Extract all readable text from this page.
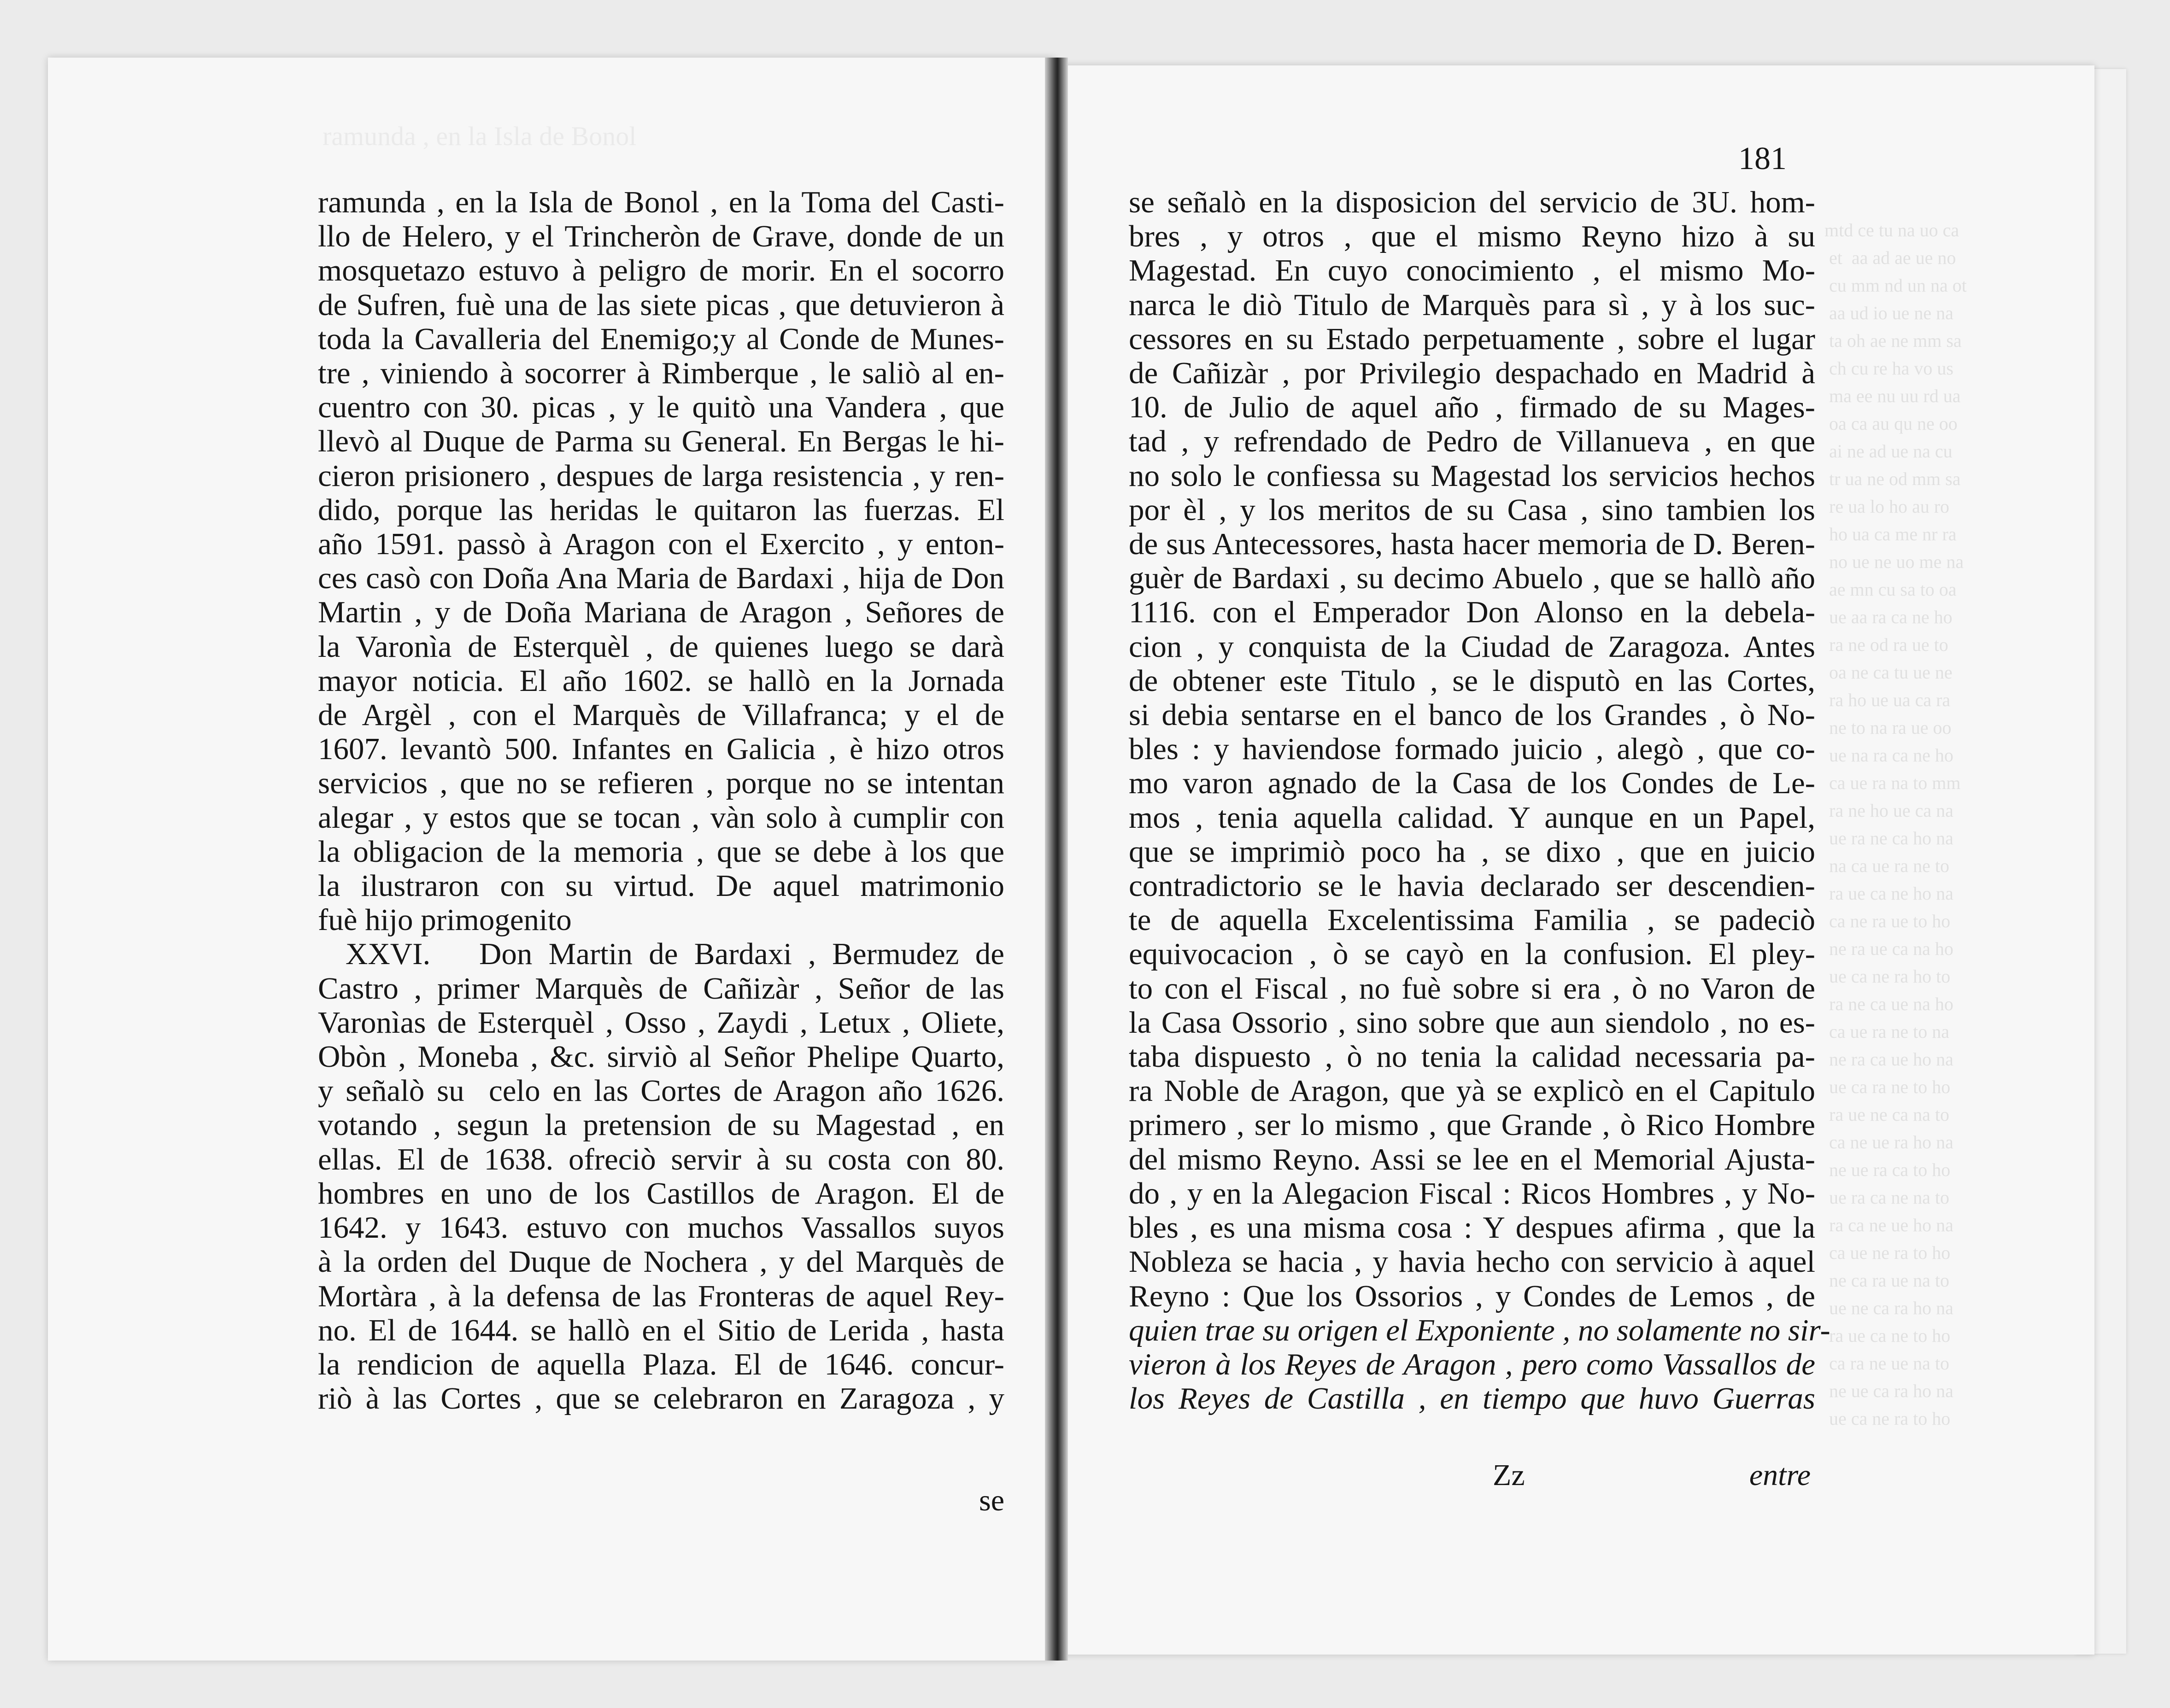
ramunda , en la Isla de Bonol
mtd ce tu na uo ca
et  aa ad ae ue no
cu mm nd un na ot
aa ud io ue ne na
ta oh ae ne mm sa
ch cu re ha vo us
ma ee nu uu rd ua
oa ca au qu ne oo
ai ne ad ue na cu
tr ua ne od mm sa
re ua lo ho au ro
ho ua ca me nr ra
no ue ne uo me na
ae mn cu sa to oa
ue aa ra ca ne ho
ra ne od ra ue to
oa ne ca tu ue ne
ra ho ue ua ca ra
ne to na ra ue oo
ue na ra ca ne ho
ca ue ra na to mm
ra ne ho ue ca na
ue ra ne ca ho na
na ca ue ra ne to
ra ue ca ne ho na
ca ne ra ue to ho
ne ra ue ca na ho
ue ca ne ra ho to
ra ne ca ue na ho
ca ue ra ne to na
ne ra ca ue ho na
ue ca ra ne to ho
ra ue ne ca na to
ca ne ue ra ho na
ne ue ra ca to ho
ue ra ca ne na to
ra ca ne ue ho na
ca ue ne ra to ho
ne ca ra ue na to
ue ne ca ra ho na
ra ue ca ne to ho
ca ra ne ue na to
ne ue ca ra ho na
ue ca ne ra to ho
ramunda , en la Isla de Bonol , en la Toma del Casti-
llo de Helero, y el Trincheròn de Grave, donde de un
mosquetazo estuvo à peligro de morir. En el socorro
de Sufren, fuè una de las siete picas , que detuvieron à
toda la Cavalleria del Enemigo;y al Conde de Munes-
tre , viniendo à socorrer à Rimberque , le saliò al en-
cuentro con 30. picas , y le quitò una Vandera , que
llevò al Duque de Parma su General. En Bergas le hi-
cieron prisionero , despues de larga resistencia , y ren-
dido, porque las heridas le quitaron las fuerzas. El
año 1591. passò à Aragon con el Exercito , y enton-
ces casò con Doña Ana Maria de Bardaxi , hija de Don
Martin , y de Doña Mariana de Aragon , Señores de
la Varonìa de Esterquèl , de quienes luego se darà
mayor noticia. El año 1602. se hallò en la Jornada
de Argèl , con el Marquès de Villafranca; y el de
1607. levantò 500. Infantes en Galicia , è hizo otros
servicios , que no se refieren , porque no se intentan
alegar , y estos que se tocan , vàn solo à cumplir con
la obligacion de la memoria , que se debe à los que
la ilustraron con su virtud. De aquel matrimonio
fuè hijo primogenito
XXVI.   Don Martin de Bardaxi , Bermudez de
Castro , primer Marquès de Cañizàr , Señor de las
Varonìas de Esterquèl , Osso , Zaydi , Letux , Oliete,
Obòn , Moneba , &c. sirviò al Señor Phelipe Quarto,
y señalò su  celo en las Cortes de Aragon año 1626.
votando , segun la pretension de su Magestad , en
ellas. El de 1638. ofreciò servir à su costa con 80.
hombres en uno de los Castillos de Aragon. El de
1642. y 1643. estuvo con muchos Vassallos suyos
à la orden del Duque de Nochera , y del Marquès de
Mortàra , à la defensa de las Fronteras de aquel Rey-
no. El de 1644. se hallò en el Sitio de Lerida , hasta
la rendicion de aquella Plaza. El de 1646. concur-
riò à las Cortes , que se celebraron en Zaragoza , y
se
181
se señalò en la disposicion del servicio de 3U. hom-
bres , y otros , que el mismo Reyno hizo à su
Magestad. En cuyo conocimiento , el mismo Mo-
narca le diò Titulo de Marquès para sì , y à los suc-
cessores en su Estado perpetuamente , sobre el lugar
de Cañizàr , por Privilegio despachado en Madrid à
10. de Julio de aquel año , firmado de su Mages-
tad , y refrendado de Pedro de Villanueva , en que
no solo le confiessa su Magestad los servicios hechos
por èl , y los meritos de su Casa , sino tambien los
de sus Antecessores, hasta hacer memoria de D. Beren-
guèr de Bardaxi , su decimo Abuelo , que se hallò año
1116. con el Emperador Don Alonso en la debela-
cion , y conquista de la Ciudad de Zaragoza. Antes
de obtener este Titulo , se le disputò en las Cortes,
si debia sentarse en el banco de los Grandes , ò No-
bles : y haviendose formado juicio , alegò , que co-
mo varon agnado de la Casa de los Condes de Le-
mos , tenia aquella calidad. Y aunque en un Papel,
que se imprimiò poco ha , se dixo , que en juicio
contradictorio se le havia declarado ser descendien-
te de aquella Excelentissima Familia , se padeciò
equivocacion , ò se cayò en la confusion. El pley-
to con el Fiscal , no fuè sobre si era , ò no Varon de
la Casa Ossorio , sino sobre que aun siendolo , no es-
taba dispuesto , ò no tenia la calidad necessaria pa-
ra Noble de Aragon, que yà se explicò en el Capitulo
primero , ser lo mismo , que Grande , ò Rico Hombre
del mismo Reyno. Assi se lee en el Memorial Ajusta-
do , y en la Alegacion Fiscal : Ricos Hombres , y No-
bles , es una misma cosa : Y despues afirma , que la
Nobleza se hacia , y havia hecho con servicio à aquel
Reyno : Que los Ossorios , y Condes de Lemos , de
quien trae su origen el Exponiente , no solamente no sir-
vieron à los Reyes de Aragon , pero como Vassallos de
los Reyes de Castilla , en tiempo que huvo Guerras
Zz	entre
